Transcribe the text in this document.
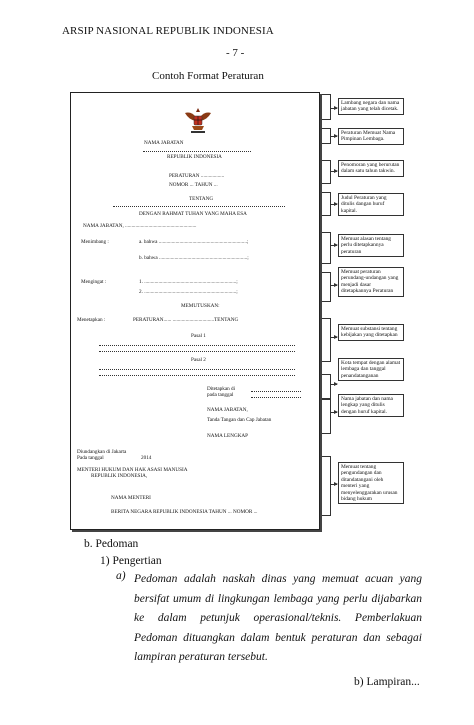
ARSIP NASIONAL REPUBLIK INDONESIA
- 7 -
Contoh Format Peraturan
NAMA JABATAN
REPUBLIK INDONESIA
PERATURAN ..................
NOMOR ... TAHUN ...
TENTANG
DENGAN RAHMAT TUHAN YANG MAHA ESA
NAMA JABATAN, .......................................................
Menimbang :	a. bahwa ....................................................................;
b. bahwa ....................................................................;
Mengingat :	1. .......................................................................;
2. .......................................................................;
MEMUTUSKAN:
Menetapkan :	PERATURAN...... ................................TENTANG
Pasal 1
Pasal 2
Ditetapkan di
pada tanggal
NAMA JABATAN,
Tanda Tangan dan Cap Jabatan
NAMA LENGKAP
Diundangkan di Jakarta
Pada tanggal	2014
MENTERI HUKUM DAN HAK ASASI MANUSIA
REPUBLIK INDONESIA,
NAMA MENTERI
BERITA NEGARA REPUBLIK INDONESIA TAHUN ... NOMOR ...
Lambang negara dan nama jabatan yang telah dicetak.
Peraturan Memuat Nama Pimpinan Lembaga.
Penomoran yang berurutan dalam satu tahun takwin.
Judul Peraturan yang ditulis dangan huruf kapital.
Memuat alasan tentang perlu ditetapkannya peraturan
Memuat peraturan perundang-undangan yang menjadi dasar ditetapkannya Peraturan
Memuat substansi tentang kebijakan yang ditetapkan
Kota tempat dengan alamat lembaga dan tanggal penandatanganan
Nama jabatan dan nama lengkap yang ditulis dengan huruf kapital.
Memuat tentang pengundangan dan ditandatangani oleh menteri yang menyelenggarakan urusan bidang hukum
b. Pedoman
1) Pengertian
a) Pedoman adalah naskah dinas yang memuat acuan yang bersifat umum di lingkungan lembaga yang perlu dijabarkan ke dalam petunjuk operasional/teknis. Pemberlakuan Pedoman dituangkan dalam bentuk peraturan dan sebagai lampiran peraturan tersebut.
b) Lampiran...
